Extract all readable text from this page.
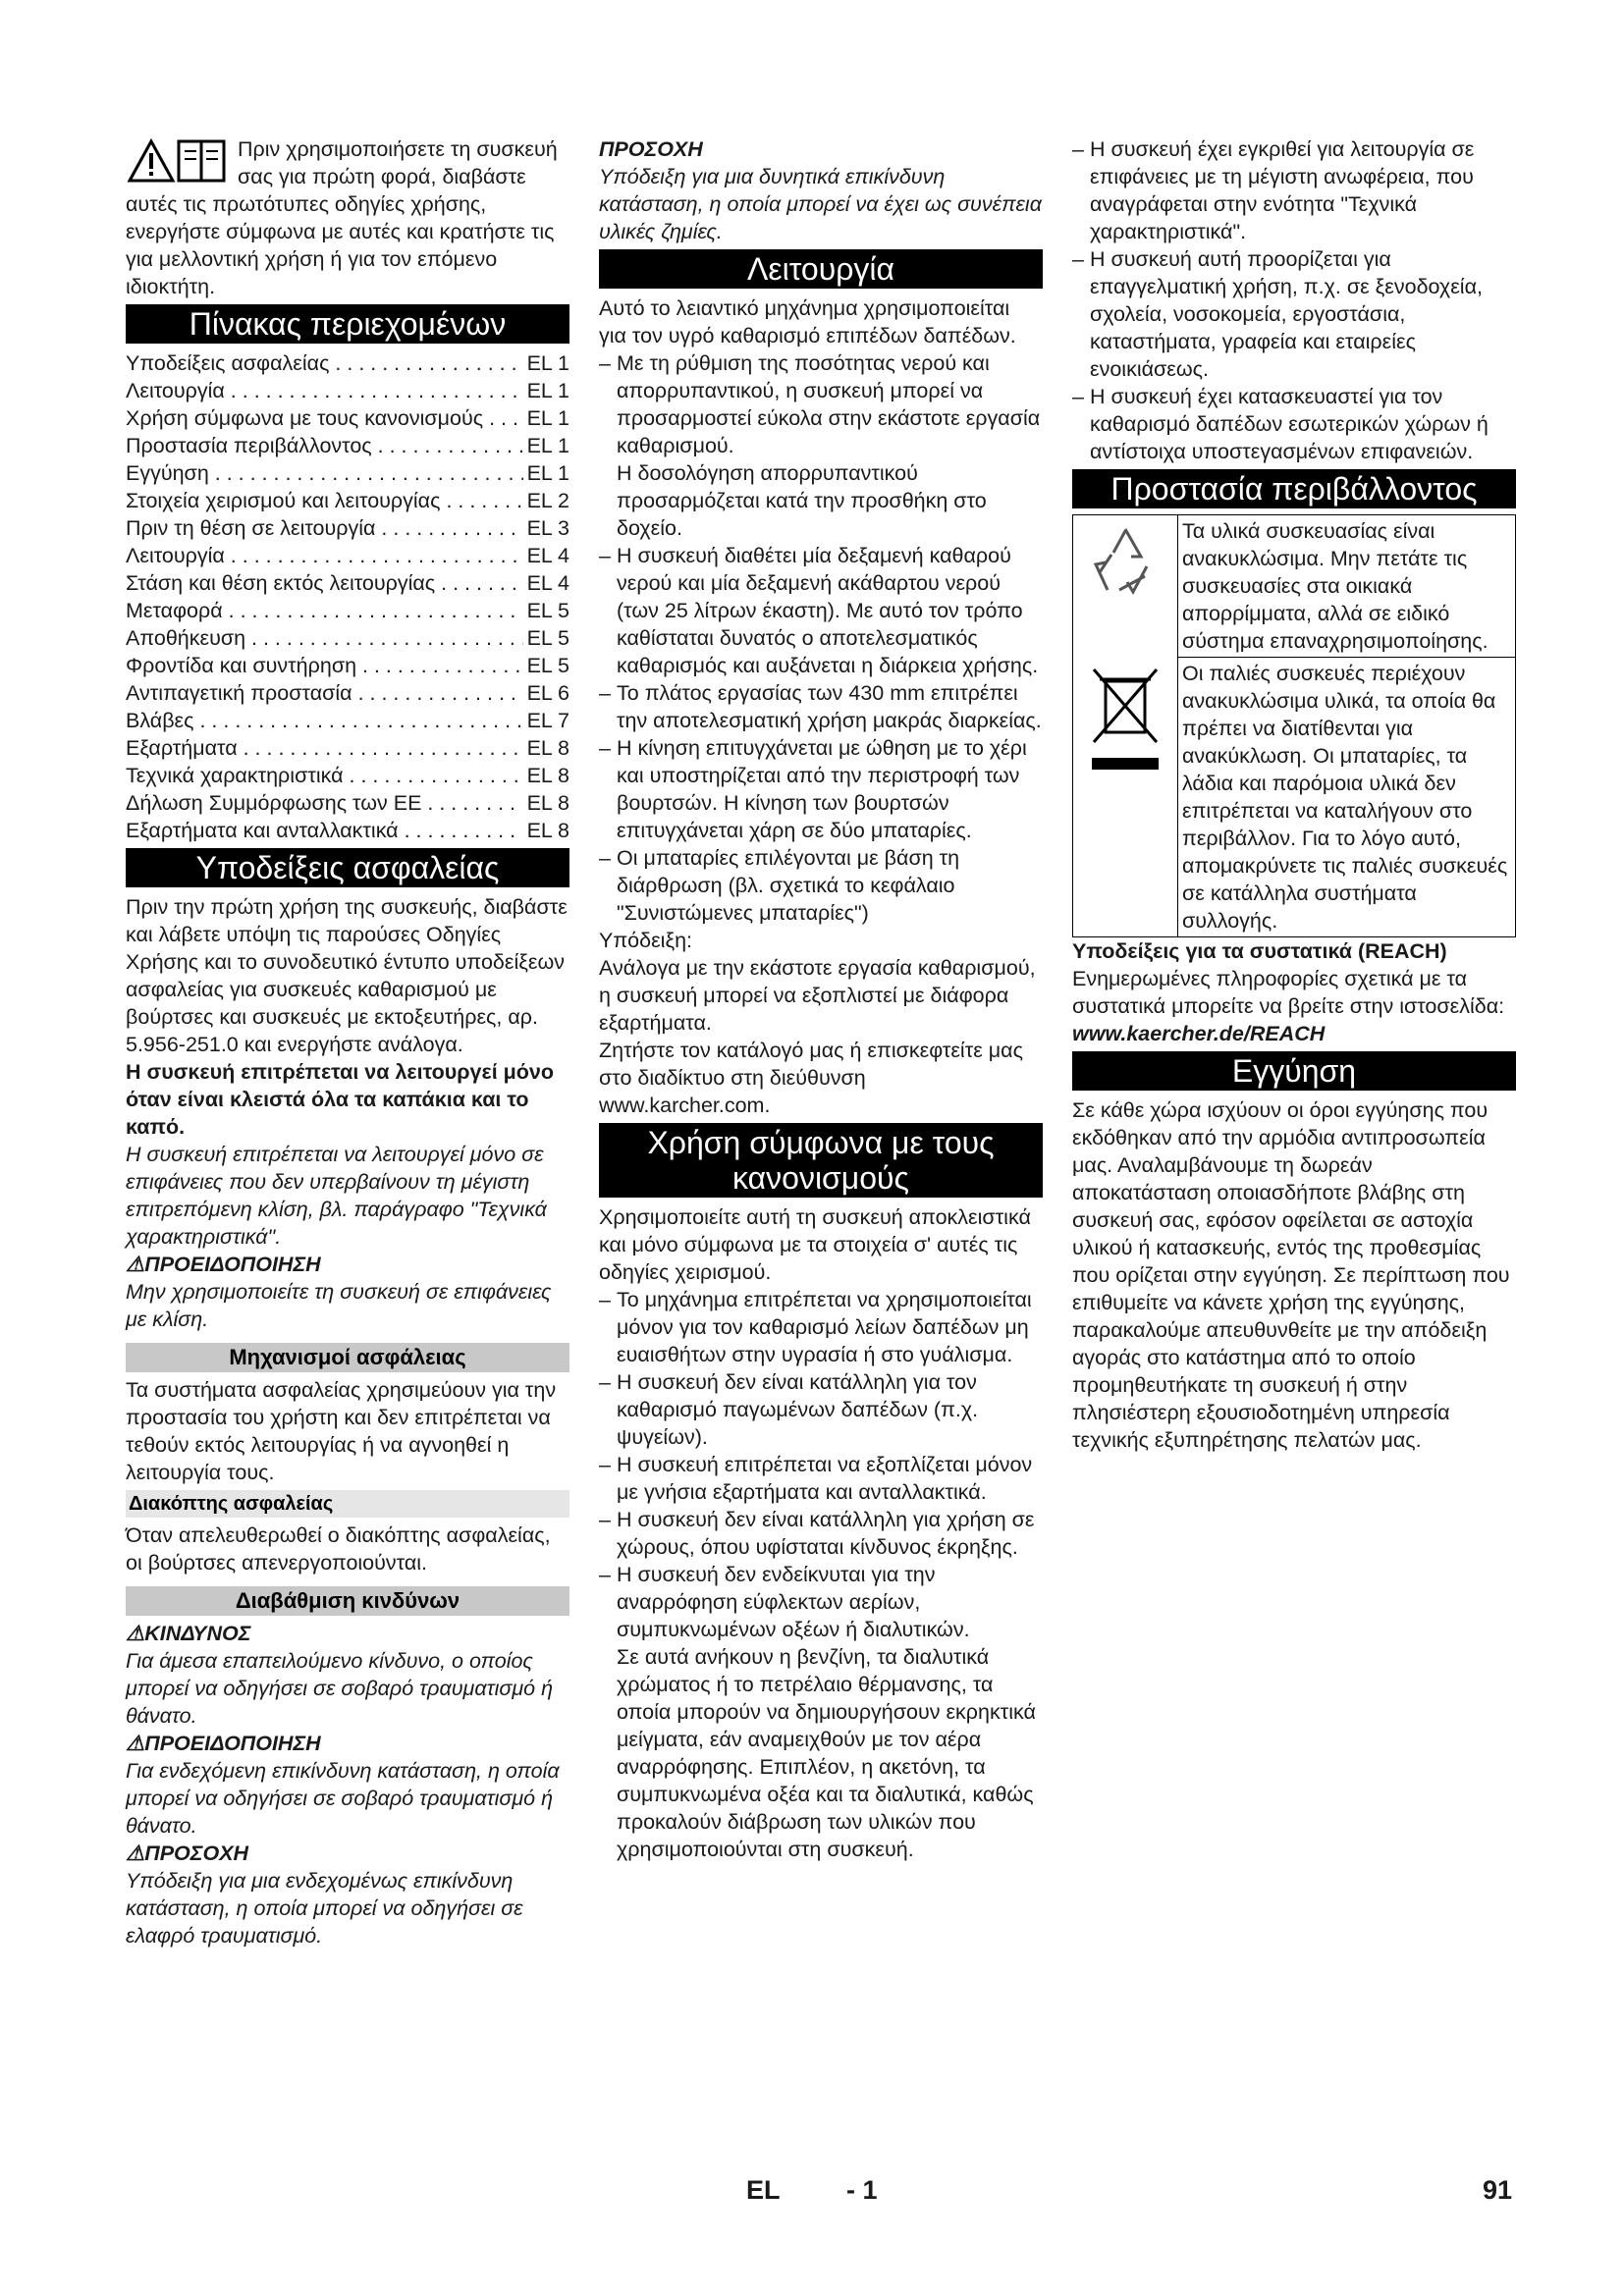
Πριν χρησιμοποιήσετε τη συσκευή σας για πρώτη φορά, διαβάστε αυτές τις πρωτότυπες οδηγίες χρήσης, ενεργήστε σύμφωνα με αυτές και κρατήστε τις για μελλοντική χρήση ή για τον επόμενο ιδιοκτήτη.

Πίνακας περιεχομένων
Υποδείξεις ασφαλείας . . .	EL 1
Λειτουργία . . .	EL 1
Χρήση σύμφωνα με τους κανονισμούς . . .	EL 1
Προστασία περιβάλλοντος . . .	EL 1
Εγγύηση . . .	EL 1
Στοιχεία χειρισμού και λειτουργίας . . .	EL 2
Πριν τη θέση σε λειτουργία . . .	EL 3
Λειτουργία . . .	EL 4
Στάση και θέση εκτός λειτουργίας . . .	EL 4
Μεταφορά . . .	EL 5
Αποθήκευση . . .	EL 5
Φροντίδα και συντήρηση . . .	EL 5
Αντιπαγετική προστασία . . .	EL 6
Βλάβες . . .	EL 7
Εξαρτήματα . . .	EL 8
Τεχνικά χαρακτηριστικά . . .	EL 8
Δήλωση Συμμόρφωσης των ΕΕ . . .	EL 8
Εξαρτήματα και ανταλλακτικά . . .	EL 8
Υποδείξεις ασφαλείας

Πριν την πρώτη χρήση της συσκευής, διαβάστε και λάβετε υπόψη τις παρούσες Οδηγίες Χρήσης και το συνοδευτικό έντυπο υποδείξεων ασφαλείας για συσκευές καθαρισμού με βούρτσες και συσκευές με εκτοξευτήρες, αρ. 5.956-251.0 και ενεργήστε ανάλογα.

Η συσκευή επιτρέπεται να λειτουργεί μόνο όταν είναι κλειστά όλα τα καπάκια και το καπό.

Η συσκευή επιτρέπεται να λειτουργεί μόνο σε επιφάνειες που δεν υπερβαίνουν τη μέγιστη επιτρεπόμενη κλίση, βλ. παράγραφο "Τεχνικά χαρακτηριστικά".

⚠ΠΡΟΕΙΔΟΠΟΙΗΣΗ

Μην χρησιμοποιείτε τη συσκευή σε επιφάνειες με κλίση.

Μηχανισμοί ασφάλειας

Τα συστήματα ασφαλείας χρησιμεύουν για την προστασία του χρήστη και δεν επιτρέπεται να τεθούν εκτός λειτουργίας ή να αγνοηθεί η λειτουργία τους.

Διακόπτης ασφαλείας

Όταν απελευθερωθεί ο διακόπτης ασφαλείας, οι βούρτσες απενεργοποιούνται.

Διαβάθμιση κινδύνων

⚠ΚΙΝΔΥΝΟΣ

Για άμεσα επαπειλούμενο κίνδυνο, ο οποίος μπορεί να οδηγήσει σε σοβαρό τραυματισμό ή θάνατο.

⚠ΠΡΟΕΙΔΟΠΟΙΗΣΗ

Για ενδεχόμενη επικίνδυνη κατάσταση, η οποία μπορεί να οδηγήσει σε σοβαρό τραυματισμό ή θάνατο.

⚠ΠΡΟΣΟΧΗ

Υπόδειξη για μια ενδεχομένως επικίνδυνη κατάσταση, η οποία μπορεί να οδηγήσει σε ελαφρό τραυματισμό.

ΠΡΟΣΟΧΗ

Υπόδειξη για μια δυνητικά επικίνδυνη κατάσταση, η οποία μπορεί να έχει ως συνέπεια υλικές ζημίες.

Λειτουργία

Αυτό το λειαντικό μηχάνημα χρησιμοποιείται για τον υγρό καθαρισμό επιπέδων δαπέδων.

– Με τη ρύθμιση της ποσότητας νερού και απορρυπαντικού, η συσκευή μπορεί να προσαρμοστεί εύκολα στην εκάστοτε εργασία καθαρισμού.

Η δοσολόγηση απορρυπαντικού προσαρμόζεται κατά την προσθήκη στο δοχείο.

– Η συσκευή διαθέτει μία δεξαμενή καθαρού νερού και μία δεξαμενή ακάθαρτου νερού (των 25 λίτρων έκαστη). Με αυτό τον τρόπο καθίσταται δυνατός ο αποτελεσματικός καθαρισμός και αυξάνεται η διάρκεια χρήσης.
– Το πλάτος εργασίας των 430 mm επιτρέπει την αποτελεσματική χρήση μακράς διαρκείας.
– Η κίνηση επιτυγχάνεται με ώθηση με το χέρι και υποστηρίζεται από την περιστροφή των βουρτσών. Η κίνηση των βουρτσών επιτυγχάνεται χάρη σε δύο μπαταρίες.
– Οι μπαταρίες επιλέγονται με βάση τη διάρθρωση (βλ. σχετικά το κεφάλαιο "Συνιστώμενες μπαταρίες")

Υπόδειξη:

Ανάλογα με την εκάστοτε εργασία καθαρισμού, η συσκευή μπορεί να εξοπλιστεί με διάφορα εξαρτήματα.

Ζητήστε τον κατάλογό μας ή επισκεφτείτε μας στο διαδίκτυο στη διεύθυνση www.karcher.com.

Χρήση σύμφωνα με τους κανονισμούς

Χρησιμοποιείτε αυτή τη συσκευή αποκλειστικά και μόνο σύμφωνα με τα στοιχεία σ' αυτές τις οδηγίες χειρισμού.

– Το μηχάνημα επιτρέπεται να χρησιμοποιείται μόνον για τον καθαρισμό λείων δαπέδων μη ευαισθήτων στην υγρασία ή στο γυάλισμα.
– Η συσκευή δεν είναι κατάλληλη για τον καθαρισμό παγωμένων δαπέδων (π.χ. ψυγείων).
– Η συσκευή επιτρέπεται να εξοπλίζεται μόνον με γνήσια εξαρτήματα και ανταλλακτικά.
– Η συσκευή δεν είναι κατάλληλη για χρήση σε χώρους, όπου υφίσταται κίνδυνος έκρηξης.
– Η συσκευή δεν ενδείκνυται για την αναρρόφηση εύφλεκτων αερίων, συμπυκνωμένων οξέων ή διαλυτικών.

Σε αυτά ανήκουν η βενζίνη, τα διαλυτικά χρώματος ή το πετρέλαιο θέρμανσης, τα οποία μπορούν να δημιουργήσουν εκρηκτικά μείγματα, εάν αναμειχθούν με τον αέρα αναρρόφησης. Επιπλέον, η ακετόνη, τα συμπυκνωμένα οξέα και τα διαλυτικά, καθώς προκαλούν διάβρωση των υλικών που χρησιμοποιούνται στη συσκευή.

– Η συσκευή έχει εγκριθεί για λειτουργία σε επιφάνειες με τη μέγιστη ανωφέρεια, που αναγράφεται στην ενότητα "Τεχνικά χαρακτηριστικά".
– Η συσκευή αυτή προορίζεται για επαγγελματική χρήση, π.χ. σε ξενοδοχεία, σχολεία, νοσοκομεία, εργοστάσια, καταστήματα, γραφεία και εταιρείες ενοικιάσεως.
– Η συσκευή έχει κατασκευαστεί για τον καθαρισμό δαπέδων εσωτερικών χώρων ή αντίστοιχα υποστεγασμένων επιφανειών.
Προστασία περιβάλλοντος
	Τα υλικά συσκευασίας είναι ανακυκλώσιμα. Μην πετάτε τις συσκευασίες στα οικιακά απορρίμματα, αλλά σε ειδικό σύστημα επαναχρησιμοποίησης.
	Οι παλιές συσκευές περιέχουν ανακυκλώσιμα υλικά, τα οποία θα πρέπει να διατίθενται για ανακύκλωση. Οι μπαταρίες, τα λάδια και παρόμοια υλικά δεν επιτρέπεται να καταλήγουν στο περιβάλλον. Για το λόγο αυτό, απομακρύνετε τις παλιές συσκευές σε κατάλληλα συστήματα συλλογής.

Υποδείξεις για τα συστατικά (REACH)

Ενημερωμένες πληροφορίες σχετικά με τα συστατικά μπορείτε να βρείτε στην ιστοσελίδα:

www.kaercher.de/REACH

Εγγύηση

Σε κάθε χώρα ισχύουν οι όροι εγγύησης που εκδόθηκαν από την αρμόδια αντιπροσωπεία μας. Αναλαμβάνουμε τη δωρεάν αποκατάσταση οποιασδήποτε βλάβης στη συσκευή σας, εφόσον οφείλεται σε αστοχία υλικού ή κατασκευής, εντός της προθεσμίας που ορίζεται στην εγγύηση. Σε περίπτωση που επιθυμείτε να κάνετε χρήση της εγγύησης, παρακαλούμε απευθυνθείτε με την απόδειξη αγοράς στο κατάστημα από το οποίο προμηθευτήκατε τη συσκευή ή στην πλησιέστερη εξουσιοδοτημένη υπηρεσία τεχνικής εξυπηρέτησης πελατών μας.

EL - 1	91
